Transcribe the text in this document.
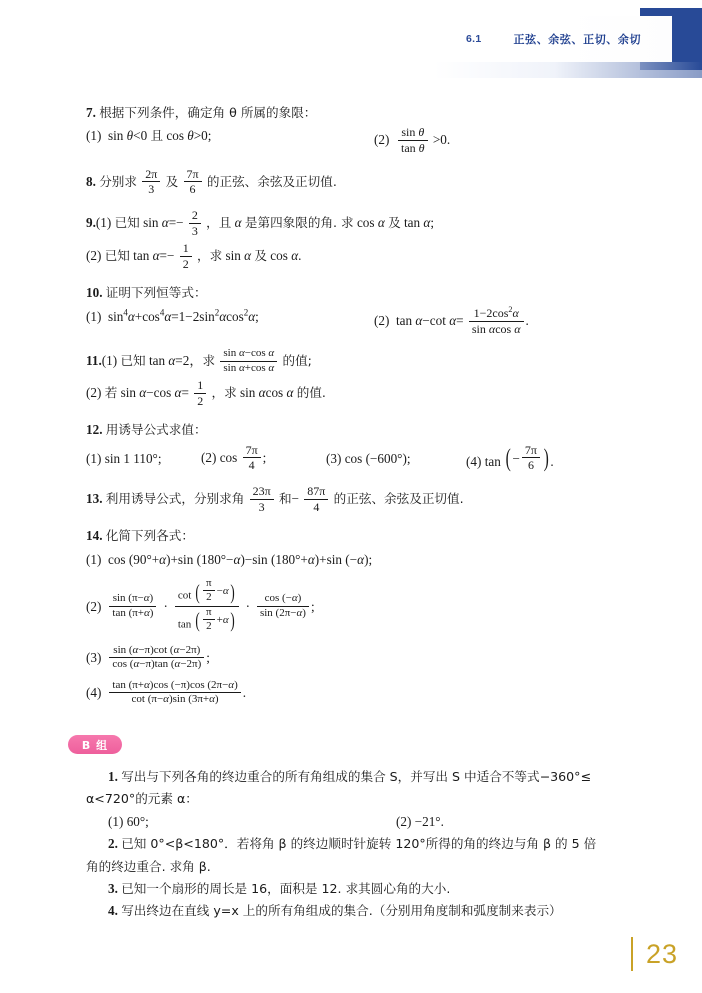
6.1	正弦、余弦、正切、余切
7. 根据下列条件，确定角 θ 所属的象限：
(1) sin θ<0 且 cos θ>0;	$(2) \frac{\text{sin θ}}{\text{tan θ}} >0$.
8. 分别求 $\frac{2\pi}{3}$ 及 $\frac{7\pi}{6}$ 的正弦、余弦及正切值.
9.(1) 已知 $\sin \alpha=- \frac{2}{3}$ ，且 α 是第四象限的角. 求 cos α 及 tan α;
(2) 已知 $\tan \alpha=- \frac{1}{2}$ ，求 sin α 及 cos α.
10. 证明下列恒等式：
(1) $\sin^4\alpha+\cos^4\alpha=1-2\sin^2\alpha\cos^2\alpha$;	(2) tan α−cot $\alpha= \frac{1-2\cos^2\alpha}{\text{sin αcos α}}$ .
11.(1) 已知 tan α=2，求 $\frac{\text{sin α−cos α}}{\text{sin α+cos α}}$ 的值;
(2) 若 sin α−cos $\alpha= \frac{1}{2}$ ，求 sin αcos α 的值.
12. 用诱导公式求值：
(1) sin 1 110°;	(2) $\cos \frac{7\pi}{4}$ ;	(3) cos (−600°);	(4) tan ( − $\frac{7\pi}{6}$ ) .
13. 利用诱导公式，分别求角 $\frac{23\pi}{3}$ 和− $\frac{87\pi}{4}$ 的正弦、余弦及正切值.
14. 化简下列各式：
(1) cos (90°+α)+sin (180°−α)−sin (180°+α)+sin (−α);
$(2) \frac{\sin (\pi-\alpha)}{\tan (\pi+\alpha)} \cdot \frac{\cot ( \frac{\pi}{2} -\alpha )}{\tan ( \frac{\pi}{2} +\alpha )} \cdot \frac{\cos (-\alpha)}{\sin (2\pi-\alpha)}$ ;
$(3) \frac{\sin (\alpha-\pi)\cot (\alpha-2\pi)}{\cos (\alpha-\pi)\tan (\alpha-2\pi)}$ ;
$(4) \frac{\tan (\pi+\alpha)\cos (-\pi)\cos (2\pi-\alpha)}{\cot (\pi-\alpha)\sin (3\pi+\alpha)}$ .
B 组
1. 写出与下列各角的终边重合的所有角组成的集合 S，并写出 S 中适合不等式−360°≤
α<720°的元素 α：
(1) 60°;	(2) −21°.
2. 已知 0°<β<180°．若将角 β 的终边顺时针旋转 120°所得的角的终边与角 β 的 5 倍
角的终边重合. 求角 β.
3. 已知一个扇形的周长是 16，面积是 12. 求其圆心角的大小.
4. 写出终边在直线 y=x 上的所有角组成的集合.（分别用角度制和弧度制来表示）
23
